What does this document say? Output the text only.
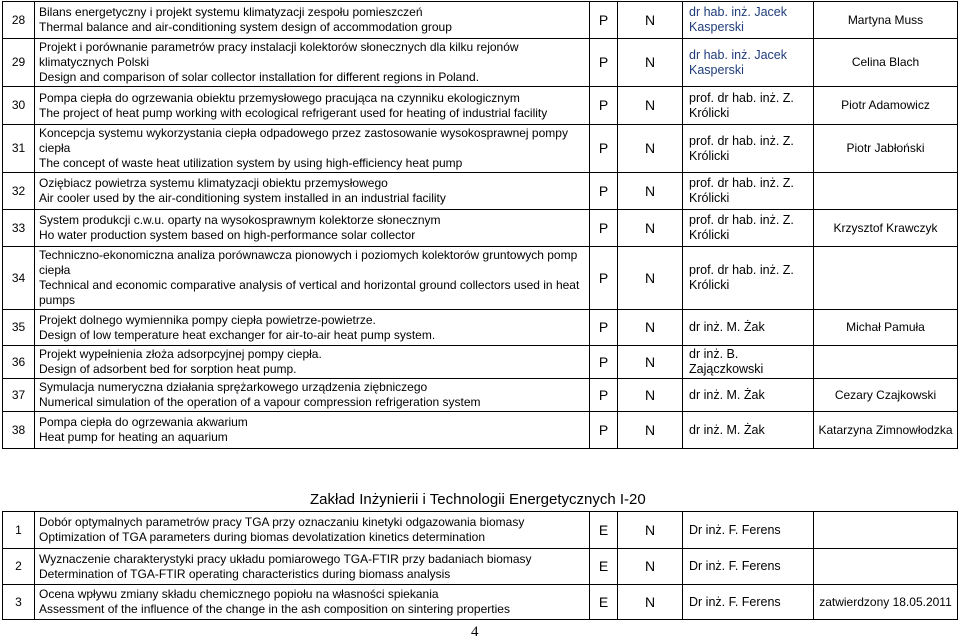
28	Bilans energetyczny i projekt systemu klimatyzacji zespołu pomieszczeń
Thermal balance and air-conditioning system design of accommodation group	P	N	dr hab. inż. Jacek Kasperski	Martyna Muss
29	Projekt i porównanie parametrów pracy instalacji kolektorów słonecznych dla kilku rejonów klimatycznych Polski
Design and comparison of solar collector installation for different regions in Poland.	P	N	dr hab. inż. Jacek Kasperski	Celina Blach
30	Pompa ciepła do ogrzewania obiektu przemysłowego pracująca na czynniku ekologicznym
The project of heat pump working with ecological refrigerant used for heating of industrial facility	P	N	prof. dr hab. inż. Z. Królicki	Piotr Adamowicz
31	Koncepcja systemu wykorzystania ciepła odpadowego przez zastosowanie wysokosprawnej pompy ciepła
The concept of waste heat utilization system by using high-efficiency heat pump	P	N	prof. dr hab. inż. Z. Królicki	Piotr Jabłoński
32	Oziębiacz powietrza systemu klimatyzacji obiektu przemysłowego
Air cooler used by the air-conditioning system installed in an industrial facility	P	N	prof. dr hab. inż. Z. Królicki	
33	System produkcji c.w.u. oparty na wysokosprawnym kolektorze słonecznym
Ho water production system based on high-performance solar collector	P	N	prof. dr hab. inż. Z. Królicki	Krzysztof Krawczyk
34	Techniczno-ekonomiczna analiza porównawcza pionowych i poziomych kolektorów gruntowych pomp ciepła
Technical and economic comparative analysis of vertical and horizontal ground collectors used in heat pumps	P	N	prof. dr hab. inż. Z. Królicki	
35	Projekt dolnego wymiennika pompy ciepła powietrze-powietrze.
Design of low temperature heat exchanger for air-to-air heat pump system.	P	N	dr inż. M. Żak	Michał Pamuła
36	Projekt wypełnienia złoża adsorpcyjnej pompy ciepła.
Design of adsorbent bed for sorption heat pump.	P	N	dr inż. B. Zajączkowski	
37	Symulacja numeryczna działania sprężarkowego urządzenia ziębniczego
Numerical simulation of the operation of a vapour compression refrigeration system	P	N	dr inż. M. Żak	Cezary Czajkowski
38	Pompa ciepła do ogrzewania akwarium
Heat pump for heating an aquarium	P	N	dr inż. M. Żak	Katarzyna Zimnowłodzka
Zakład Inżynierii i Technologii Energetycznych I-20
1	Dobór optymalnych parametrów pracy TGA przy oznaczaniu kinetyki odgazowania biomasy
Optimization of TGA parameters during biomas devolatization kinetics determination	E	N	Dr inż. F. Ferens	
2	Wyznaczenie charakterystyki pracy układu pomiarowego TGA-FTIR przy badaniach biomasy
Determination of TGA-FTIR operating characteristics during biomass analysis	E	N	Dr inż. F. Ferens	
3	Ocena wpływu zmiany składu chemicznego popiołu na własności spiekania
Assessment of the influence of the change in the ash composition on sintering properties	E	N	Dr inż. F. Ferens	zatwierdzony 18.05.2011
4
